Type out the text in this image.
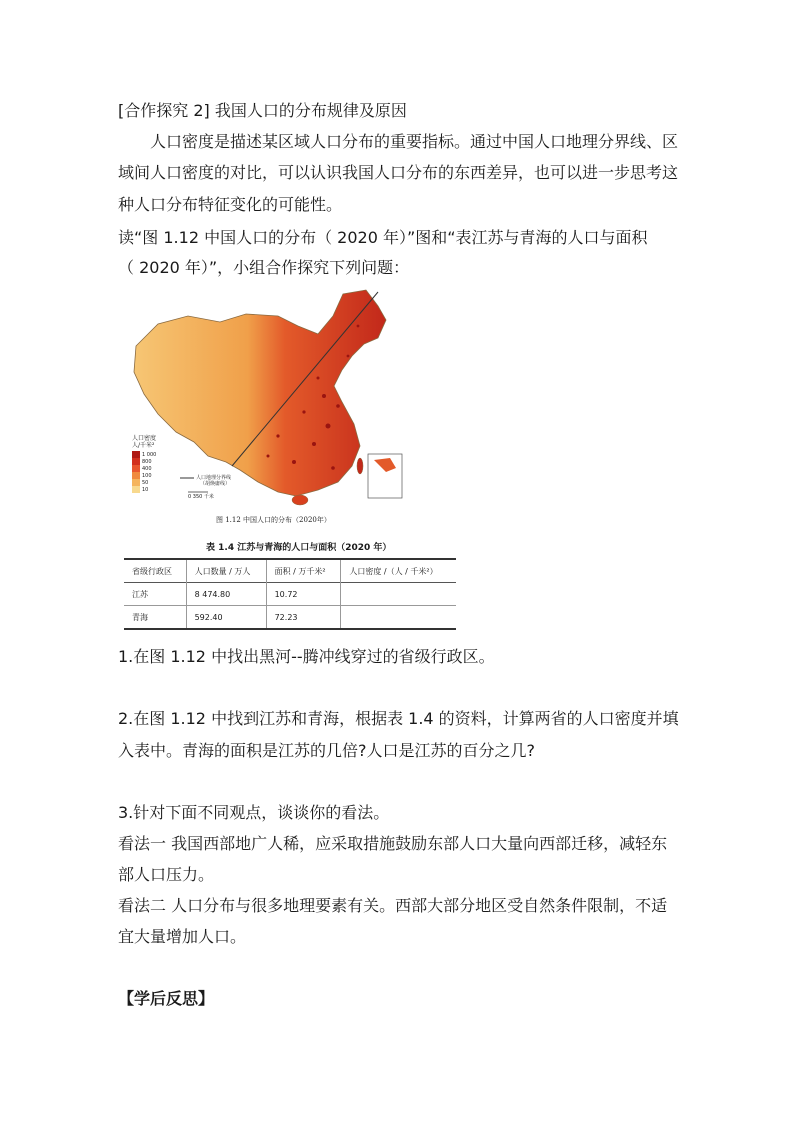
[合作探究 2] 我国人口的分布规律及原因
人口密度是描述某区域人口分布的重要指标。通过中国人口地理分界线、区
域间人口密度的对比，可以认识我国人口分布的东西差异，也可以进一步思考这
种人口分布特征变化的可能性。
读“图 1.12 中国人口的分布（ 2020 年）”图和“表江苏与青海的人口与面积
（ 2020 年）”，小组合作探究下列问题：
人口密度
人/千米²
1 000
800
400
100
50
10
人口地理分界线
（胡焕庸线）
0 350 千米
图 1.12 中国人口的分布（2020年）
表 1.4 江苏与青海的人口与面积（2020 年）
省级行政区	人口数量 / 万人	面积 / 万千米²	人口密度 /（人 / 千米²）
江苏	8 474.80	10.72	
青海	592.40	72.23	
1.在图 1.12 中找出黑河--腾冲线穿过的省级行政区。
2.在图 1.12 中找到江苏和青海，根据表 1.4 的资料，计算两省的人口密度并填
入表中。青海的面积是江苏的几倍?人口是江苏的百分之几?
3.针对下面不同观点，谈谈你的看法。
看法一 我国西部地广人稀，应采取措施鼓励东部人口大量向西部迁移，减轻东
部人口压力。
看法二 人口分布与很多地理要素有关。西部大部分地区受自然条件限制，不适
宜大量增加人口。
【学后反思】
